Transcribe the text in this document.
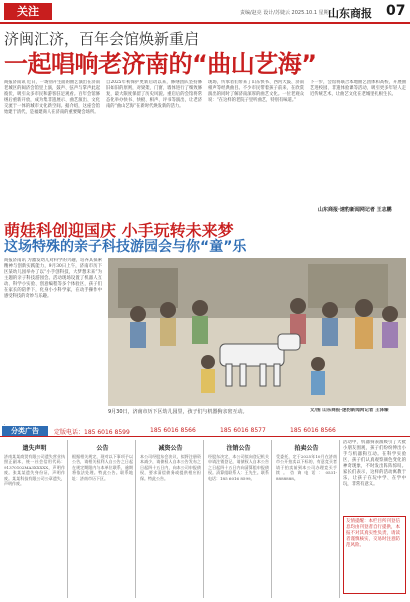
关注	责编/赵亮 设计/苏婕云 2025.10.1 星期三
山东商报 07
济闽汇济，百年会馆焕新重启
一起唱响老济南的“曲山艺海”
商报济南讯 近日，一场别开生面的曲艺演出在济南老城区的闽济会馆里上演，鼓声、弦声与掌声此起彼伏，吸引众多市民和游客驻足观看。百年会馆修缮后重新开放，成为集非遗展示、曲艺演出、文化交流于一体的城市文化新空间。据介绍，这座会馆始建于清代，是福建商人在济南的重要聚会场所。
自2025年初保护更新启动以来，修缮团队坚持修旧如旧的原则，对梁架、门窗、墙体进行了细致修复，最大限度保留了历史风貌。重启后的会馆将常态化举办快书、快板、相声、评书等演出，让老济南的“曲山艺海”在新时代焕发新的活力。
现场，传承者们带来了山东快书、西河大鼓、济南相声等经典曲目。不少市民带着孩子前来，在欣赏演出的同时了解济南深厚的曲艺文化。一位老观众说：“在这样的老院子里听曲艺，特别有味道。”
下一步，会馆将联合本地曲艺团体和高校，开展曲艺进校园、非遗体验课等活动，吸引更多年轻人走近传统艺术，让曲艺文化在老城里扎根生长。
山东商报·速豹新闻网记者 王志鹏
萌娃科创迎国庆 小手玩转未来梦
这场特殊的亲子科技游园会与你“童”乐
商报济南讯 为激发幼儿对科学的兴趣，培养其探索精神与创新实践能力，9月30日上午，济南市历下区某幼儿园举办了以“小手创科技，大梦想未来”为主题的亲子科技游园会。活动现场设置了机器人互动、科学小实验、创意编程等多个体验区，孩子们在家长的陪伴下，化身小小科学家，在动手操作中感受科技的奇妙与乐趣。
9月30日，济南市历下区幼儿园里，孩子们与机器狗亲密互动。	文/图 山东商报·速豹新闻网记者 王泽臻
分类广告	定版电话：185 6016 8599	185 6016 8566	185 6016 8577	185 6016 8566
遗失声明
济南某某商贸有限公司遗失营业执照正副本，统一社会信用代码：91370102MA3XXXXX，声明作废。张某某遗失身份证，声明作废。某某科技有限公司公章遗失，声明作废。
公告
根据相关规定，现对以下事项予以公告，请相关权利人自公告之日起在规定期限内与本单位联系，逾期将依法处理。特此公告。联系地址：济南市历下区。
减资公告
本公司经股东会决议，拟将注册资本减少，请债权人自本公告发布之日起四十五日内，向本公司申报债权，要求清偿债务或提供相应担保。特此公告。
注销公告
经股东决定，本公司拟向登记机关申请注销登记，请债权人自本公告之日起四十五日内向清算组申报债权。清算组联系人：王先生。联系电话：185 6016 8599。
拍卖公告
受委托，定于2025年10月在济南市公开拍卖以下标的，有意竞买者请于拍卖前到本公司办理竞买手续。咨询电话：0531-8888888。
活动中，机器狗表演吸引了大批小朋友围观，孩子们纷纷伸出小手与机器狗互动。在科学实验区，孩子们认真观察颜色变化的神奇现象，不时发出阵阵惊叹。家长们表示，这样的活动寓教于乐，让孩子在玩中学、在学中玩，非常有意义。
友情提醒：本栏目所刊登信息均由刊登者自行提供，本报不对其真实性负责，请读者谨慎核实，交易时注意防范风险。
